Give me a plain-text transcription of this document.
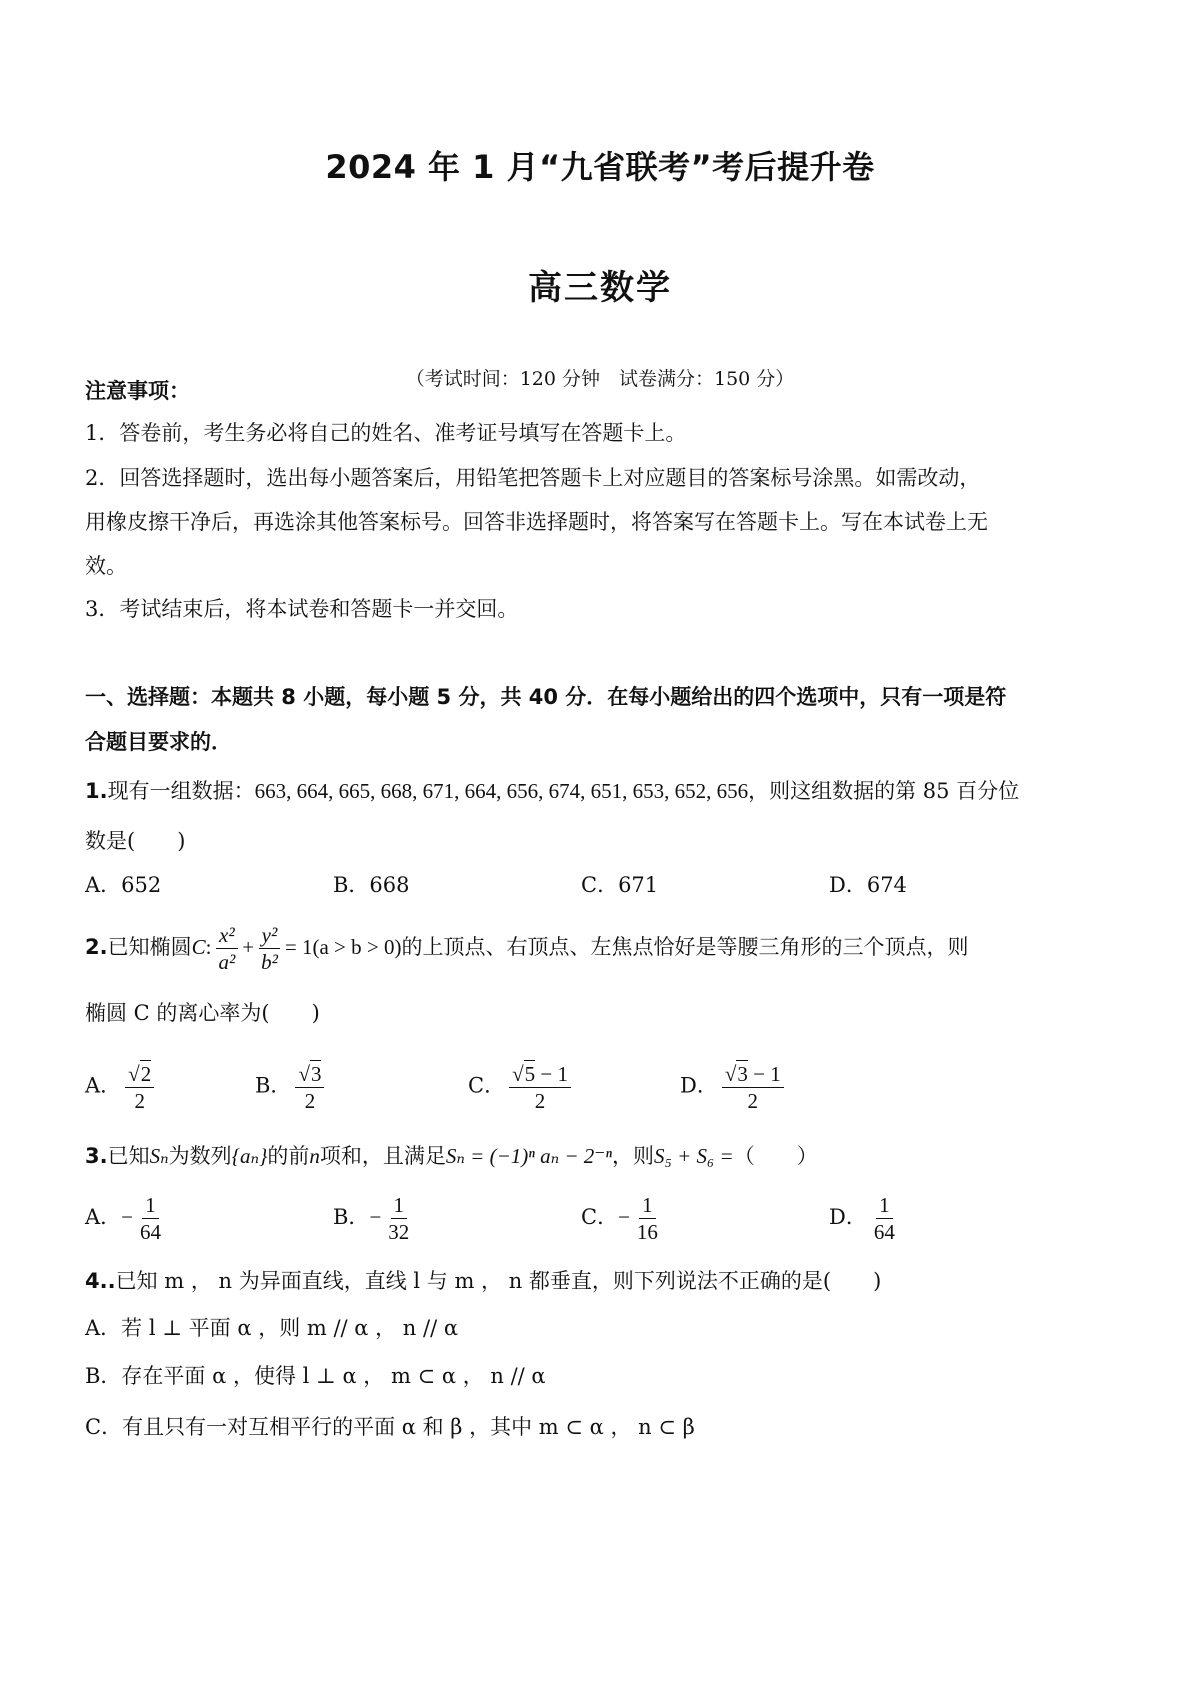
2024 年 1 月“九省联考”考后提升卷
高三数学
（考试时间：120 分钟　试卷满分：150 分）
注意事项：
1．答卷前，考生务必将自己的姓名、准考证号填写在答题卡上。
2．回答选择题时，选出每小题答案后，用铅笔把答题卡上对应题目的答案标号涂黑。如需改动，
用橡皮擦干净后，再选涂其他答案标号。回答非选择题时，将答案写在答题卡上。写在本试卷上无
效。
3．考试结束后，将本试卷和答题卡一并交回。
一、选择题：本题共 8 小题，每小题 5 分，共 40 分．在每小题给出的四个选项中，只有一项是符
合题目要求的．
1.现有一组数据：663, 664, 665, 668, 671, 664, 656, 674, 651, 653, 652, 656，则这组数据的第 85 百分位
数是(　　)
A．652	B．668	C．671	D．674
2.已知椭圆C: $\frac{\text{x²}}{\text{a²}} + \frac{\text{y²}}{\text{b²}} = 1(a > b > 0)$的上顶点、右顶点、左焦点恰好是等腰三角形的三个顶点，则
椭圆 C 的离心率为(　　)
A． $\frac{√2}{2}$	B． $\frac{√3}{2}$	C． $\frac{√5 - 1}{2}$	D． $\frac{√3 - 1}{2}$
3.已知Sₙ为数列{aₙ}的前n项和，且满足Sₙ = (−1)ⁿ aₙ − 2⁻ⁿ，则S₅ + S₆ =（　　）
A．− $\frac{1}{64}$	B．− $\frac{1}{32}$	C．− $\frac{1}{16}$	D． $\frac{1}{64}$
4..已知 m ， n 为异面直线，直线 l 与 m ， n 都垂直，则下列说法不正确的是(　　)
A．若 l ⊥ 平面 α ，则 m // α ， n // α
B．存在平面 α ，使得 l ⊥ α ， m ⊂ α ， n // α
C．有且只有一对互相平行的平面 α 和 β ，其中 m ⊂ α ， n ⊂ β
